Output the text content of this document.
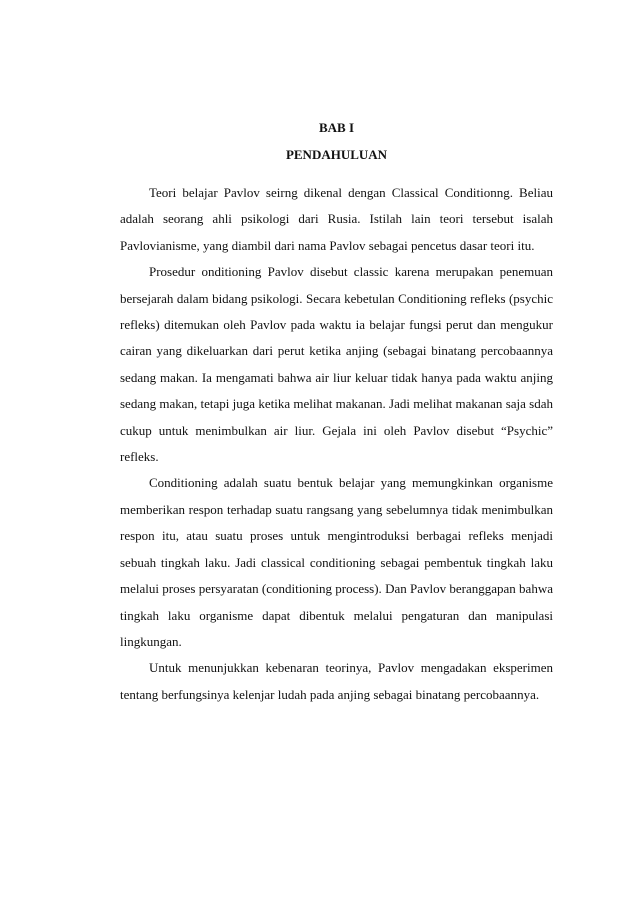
BAB I
PENDAHULUAN

Teori belajar Pavlov seirng dikenal dengan Classical Conditionng. Beliau adalah seorang ahli psikologi dari Rusia. Istilah lain teori tersebut isalah Pavlovianisme, yang diambil dari nama Pavlov sebagai pencetus dasar teori itu.

Prosedur onditioning Pavlov disebut classic karena merupakan penemuan bersejarah dalam bidang psikologi. Secara kebetulan Conditioning refleks (psychic refleks) ditemukan oleh Pavlov pada waktu ia belajar fungsi perut dan mengukur cairan yang dikeluarkan dari perut ketika anjing (sebagai binatang percobaannya sedang makan. Ia mengamati bahwa air liur keluar tidak hanya pada waktu anjing sedang makan, tetapi juga ketika melihat makanan. Jadi melihat makanan saja sdah cukup untuk menimbulkan air liur. Gejala ini oleh Pavlov disebut “Psychic” refleks.

Conditioning adalah suatu bentuk belajar yang memungkinkan organisme memberikan respon terhadap suatu rangsang yang sebelumnya tidak menimbulkan respon itu, atau suatu proses untuk mengintroduksi berbagai refleks menjadi sebuah tingkah laku. Jadi classical conditioning sebagai pembentuk tingkah laku melalui proses persyaratan (conditioning process). Dan Pavlov beranggapan bahwa tingkah laku organisme dapat dibentuk melalui pengaturan dan manipulasi lingkungan.

Untuk menunjukkan kebenaran teorinya, Pavlov mengadakan eksperimen tentang berfungsinya kelenjar ludah pada anjing sebagai binatang percobaannya.
